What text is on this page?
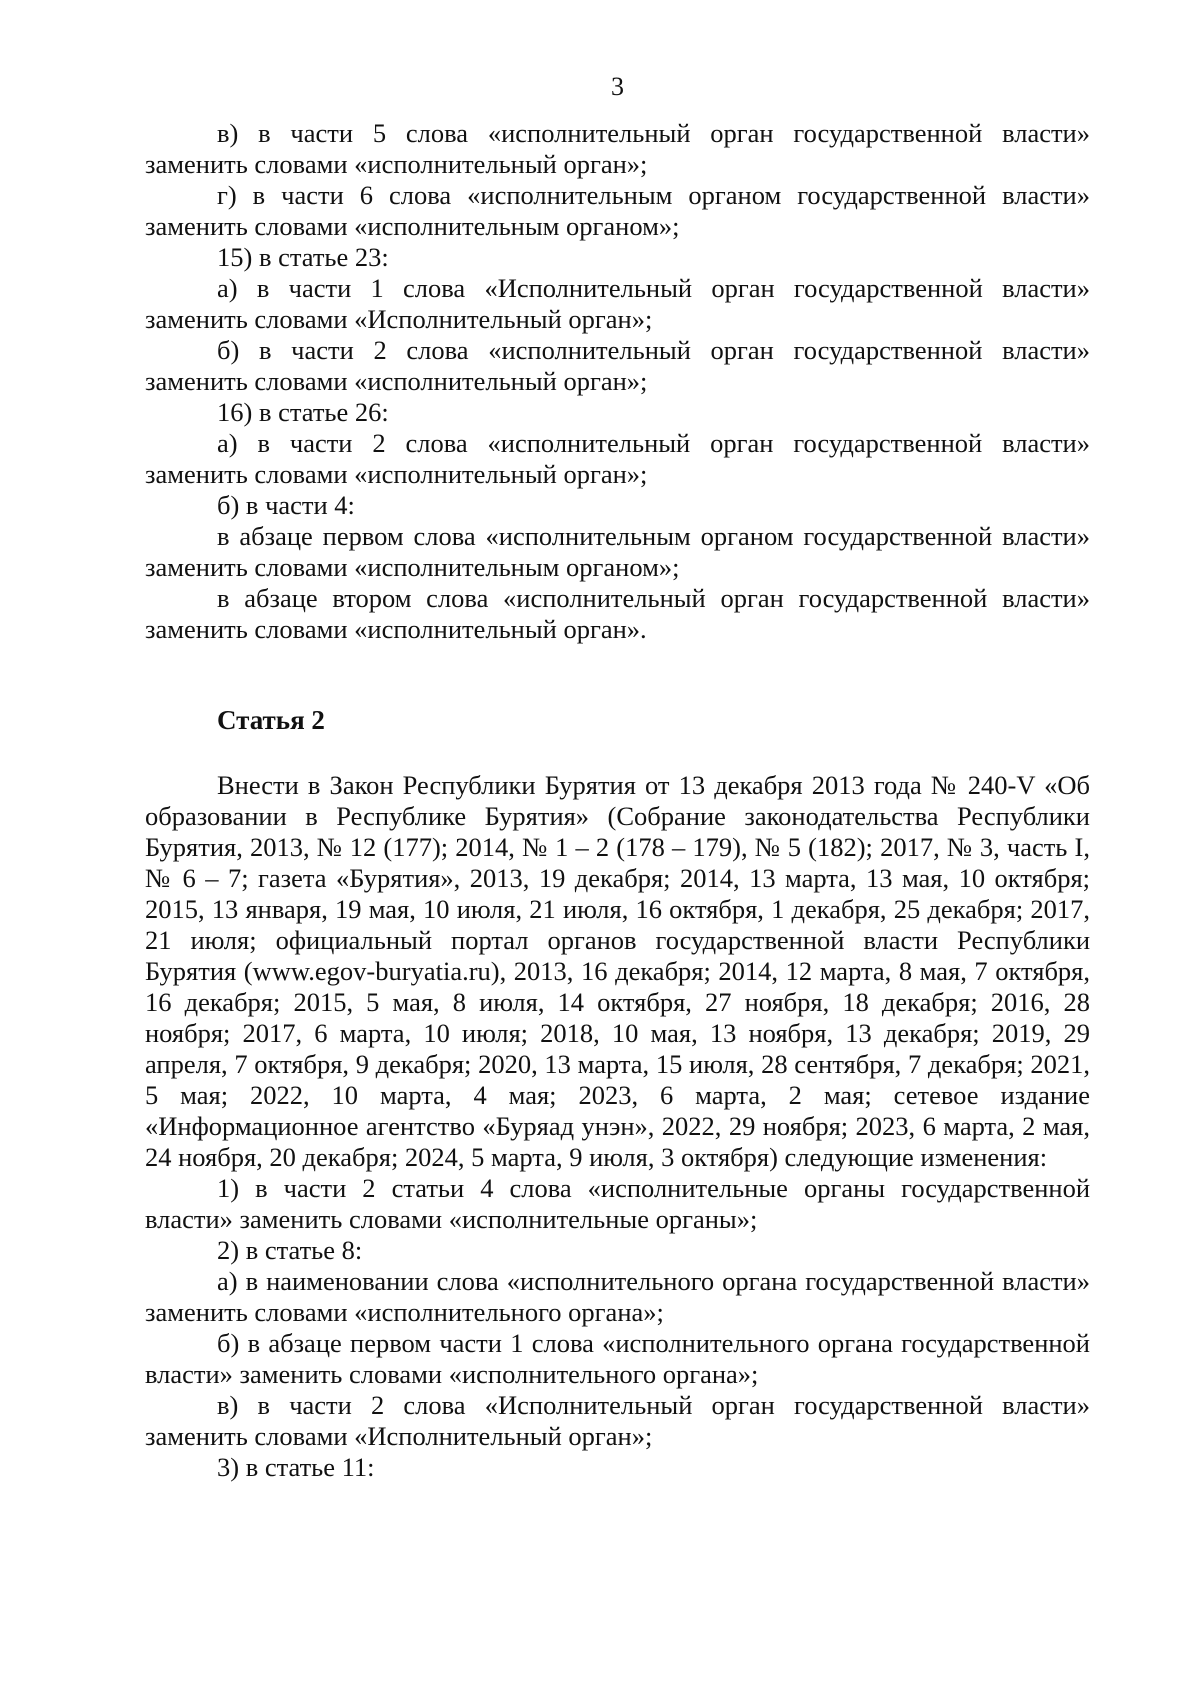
3

в) в части 5 слова «исполнительный орган государственной власти» заменить словами «исполнительный орган»;

г) в части 6 слова «исполнительным органом государственной власти» заменить словами «исполнительным органом»;

15) в статье 23:

а) в части 1 слова «Исполнительный орган государственной власти» заменить словами «Исполнительный орган»;

б) в части 2 слова «исполнительный орган государственной власти» заменить словами «исполнительный орган»;

16) в статье 26:

а) в части 2 слова «исполнительный орган государственной власти» заменить словами «исполнительный орган»;

б) в части 4:

в абзаце первом слова «исполнительным органом государственной власти» заменить словами «исполнительным органом»;

в абзаце втором слова «исполнительный орган государственной власти» заменить словами «исполнительный орган».

Статья 2

Внести в Закон Республики Бурятия от 13 декабря 2013 года № 240-V «Об образовании в Республике Бурятия» (Собрание законодательства Республики Бурятия, 2013, № 12 (177); 2014, № 1 – 2 (178 – 179), № 5 (182); 2017, № 3, часть I, № 6 – 7; газета «Бурятия», 2013, 19 декабря; 2014, 13 марта, 13 мая, 10 октября; 2015, 13 января, 19 мая, 10 июля, 21 июля, 16 октября, 1 декабря, 25 декабря; 2017, 21 июля; официальный портал органов государственной власти Республики Бурятия (www.egov-buryatia.ru), 2013, 16 декабря; 2014, 12 марта, 8 мая, 7 октября, 16 декабря; 2015, 5 мая, 8 июля, 14 октября, 27 ноября, 18 декабря; 2016, 28 ноября; 2017, 6 марта, 10 июля; 2018, 10 мая, 13 ноября, 13 декабря; 2019, 29 апреля, 7 октября, 9 декабря; 2020, 13 марта, 15 июля, 28 сентября, 7 декабря; 2021, 5 мая; 2022, 10 марта, 4 мая; 2023, 6 марта, 2 мая; сетевое издание «Информационное агентство «Буряад унэн», 2022, 29 ноября; 2023, 6 марта, 2 мая, 24 ноября, 20 декабря; 2024, 5 марта, 9 июля, 3 октября) следующие изменения:

1) в части 2 статьи 4 слова «исполнительные органы государственной власти» заменить словами «исполнительные органы»;

2) в статье 8:

а) в наименовании слова «исполнительного органа государственной власти» заменить словами «исполнительного органа»;

б) в абзаце первом части 1 слова «исполнительного органа государственной власти» заменить словами «исполнительного органа»;

в) в части 2 слова «Исполнительный орган государственной власти» заменить словами «Исполнительный орган»;

3) в статье 11:
